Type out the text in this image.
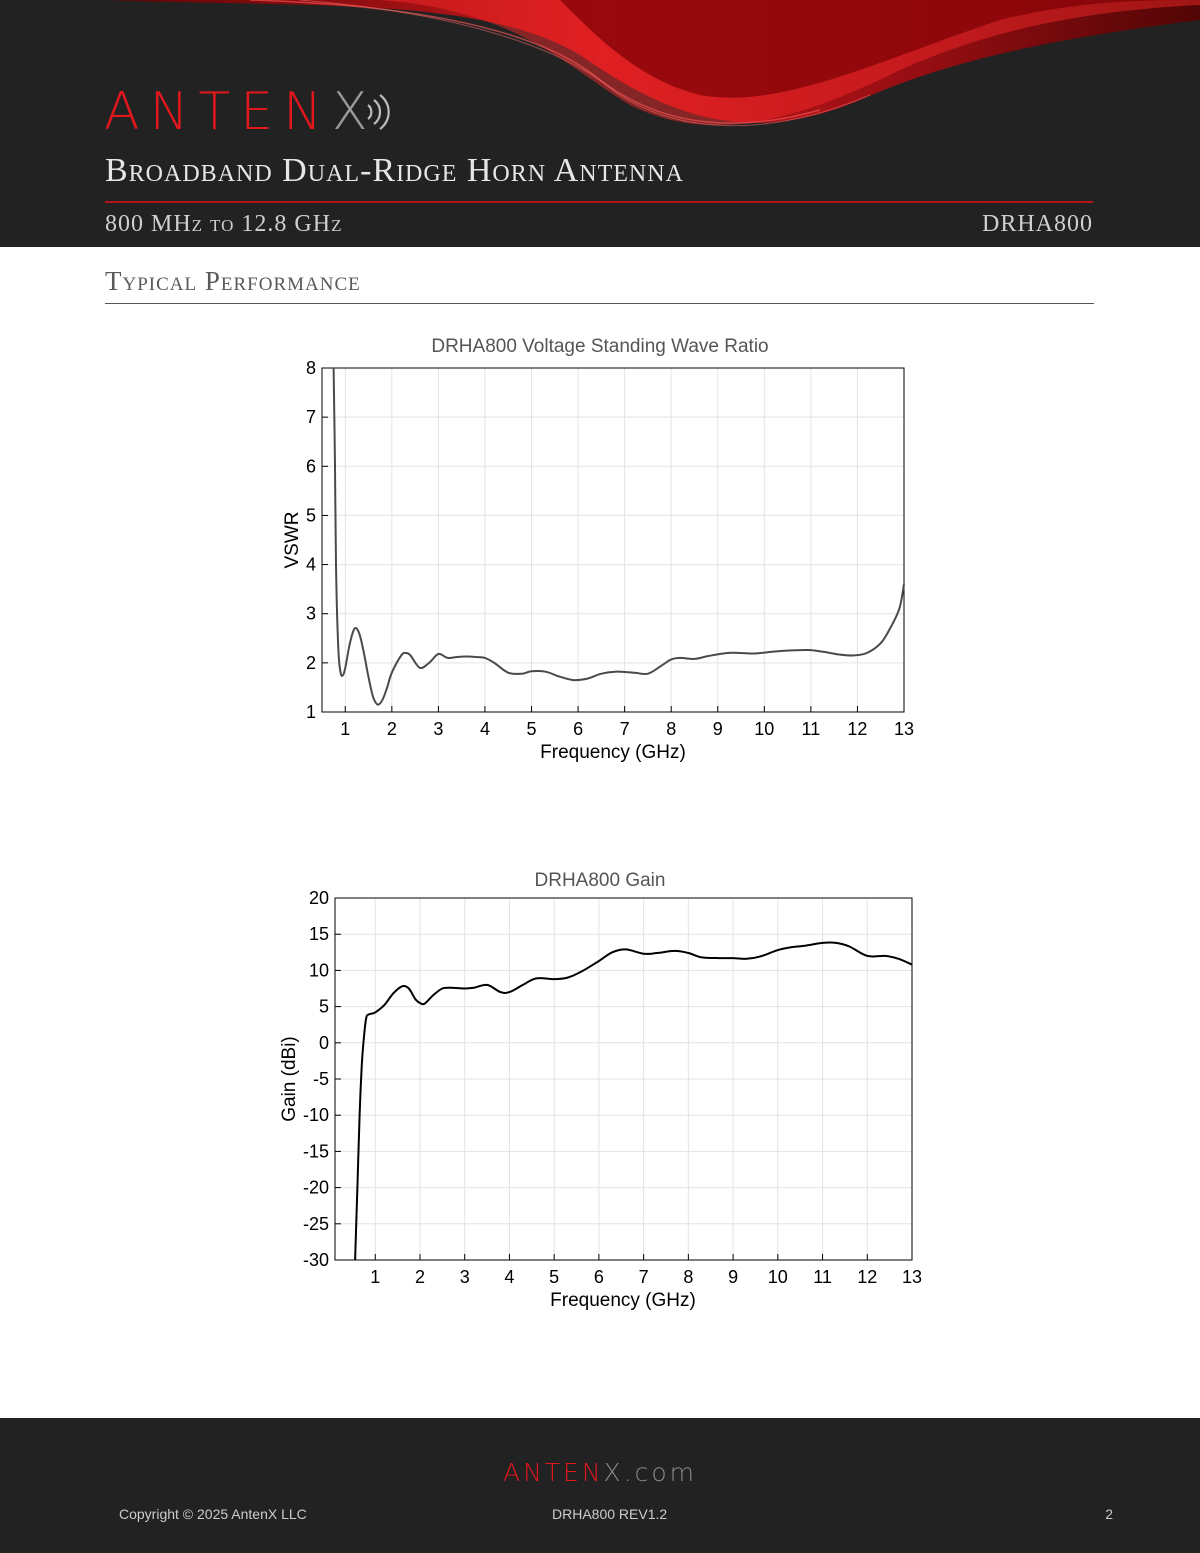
ANTENX
Broadband Dual-Ridge Horn Antenna
800 MHz to 12.8 GHz	DRHA800
Typical Performance
DRHA800 Voltage Standing Wave Ratio
1 2 3 4 5 6 7 8 9 10 11 12 13
1
2
3
4
5
6
7
8
Frequency (GHz)
VSWR
DRHA800 Gain
1 2 3 4 5 6 7 8 9 10 11 12 13
-30
-25
-20
-15
-10
-5
0
5
10
15
20
Frequency (GHz)
Gain (dBi)
ANTENX.com
Copyright © 2025 AntenX LLC	DRHA800 REV1.2	2
